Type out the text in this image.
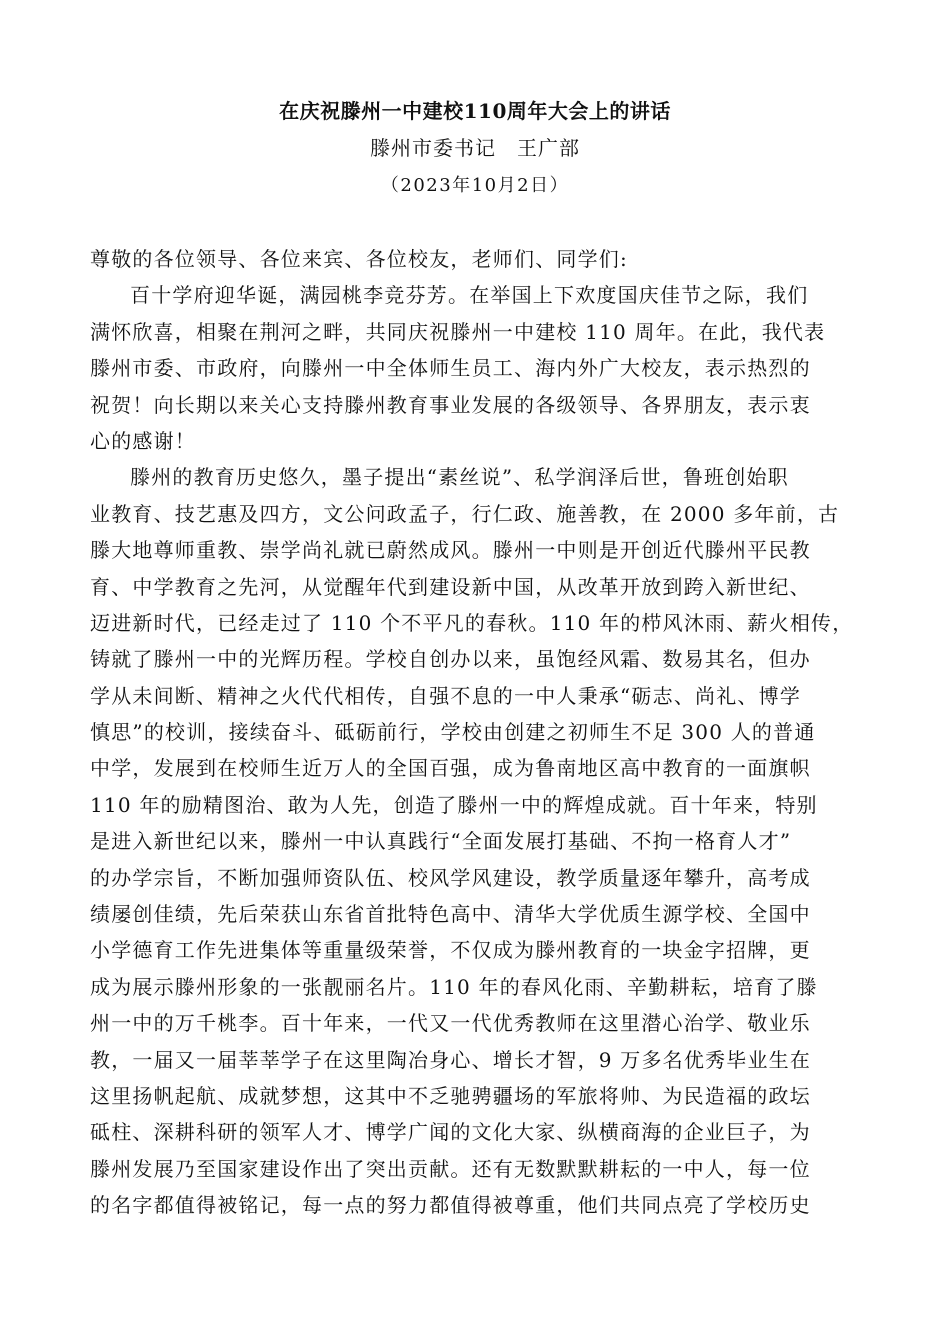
在庆祝滕州一中建校110周年大会上的讲话
滕州市委书记　王广部
（2023年10月2日）
尊敬的各位领导、各位来宾、各位校友，老师们、同学们:
百十学府迎华诞，满园桃李竞芬芳。在举国上下欢度国庆佳节之际，我们
满怀欣喜，相聚在荆河之畔，共同庆祝滕州一中建校 110 周年。在此，我代表
滕州市委、市政府，向滕州一中全体师生员工、海内外广大校友，表示热烈的
祝贺！向长期以来关心支持滕州教育事业发展的各级领导、各界朋友，表示衷
心的感谢！
滕州的教育历史悠久，墨子提出“素丝说”、私学润泽后世，鲁班创始职
业教育、技艺惠及四方，文公问政孟子，行仁政、施善教，在 2000 多年前，古
滕大地尊师重教、崇学尚礼就已蔚然成风。滕州一中则是开创近代滕州平民教
育、中学教育之先河，从觉醒年代到建设新中国，从改革开放到跨入新世纪、
迈进新时代，已经走过了 110 个不平凡的春秋。110 年的栉风沐雨、薪火相传，
铸就了滕州一中的光辉历程。学校自创办以来，虽饱经风霜、数易其名，但办
学从未间断、精神之火代代相传，自强不息的一中人秉承“砺志、尚礼、博学
慎思”的校训，接续奋斗、砥砺前行，学校由创建之初师生不足 300 人的普通
中学，发展到在校师生近万人的全国百强，成为鲁南地区高中教育的一面旗帜
110 年的励精图治、敢为人先，创造了滕州一中的辉煌成就。百十年来，特别
是进入新世纪以来，滕州一中认真践行“全面发展打基础、不拘一格育人才”
的办学宗旨，不断加强师资队伍、校风学风建设，教学质量逐年攀升，高考成
绩屡创佳绩，先后荣获山东省首批特色高中、清华大学优质生源学校、全国中
小学德育工作先进集体等重量级荣誉，不仅成为滕州教育的一块金字招牌，更
成为展示滕州形象的一张靓丽名片。110 年的春风化雨、辛勤耕耘，培育了滕
州一中的万千桃李。百十年来，一代又一代优秀教师在这里潜心治学、敬业乐
教，一届又一届莘莘学子在这里陶冶身心、增长才智，9 万多名优秀毕业生在
这里扬帆起航、成就梦想，这其中不乏驰骋疆场的军旅将帅、为民造福的政坛
砥柱、深耕科研的领军人才、博学广闻的文化大家、纵横商海的企业巨子，为
滕州发展乃至国家建设作出了突出贡献。还有无数默默耕耘的一中人，每一位
的名字都值得被铭记，每一点的努力都值得被尊重，他们共同点亮了学校历史
